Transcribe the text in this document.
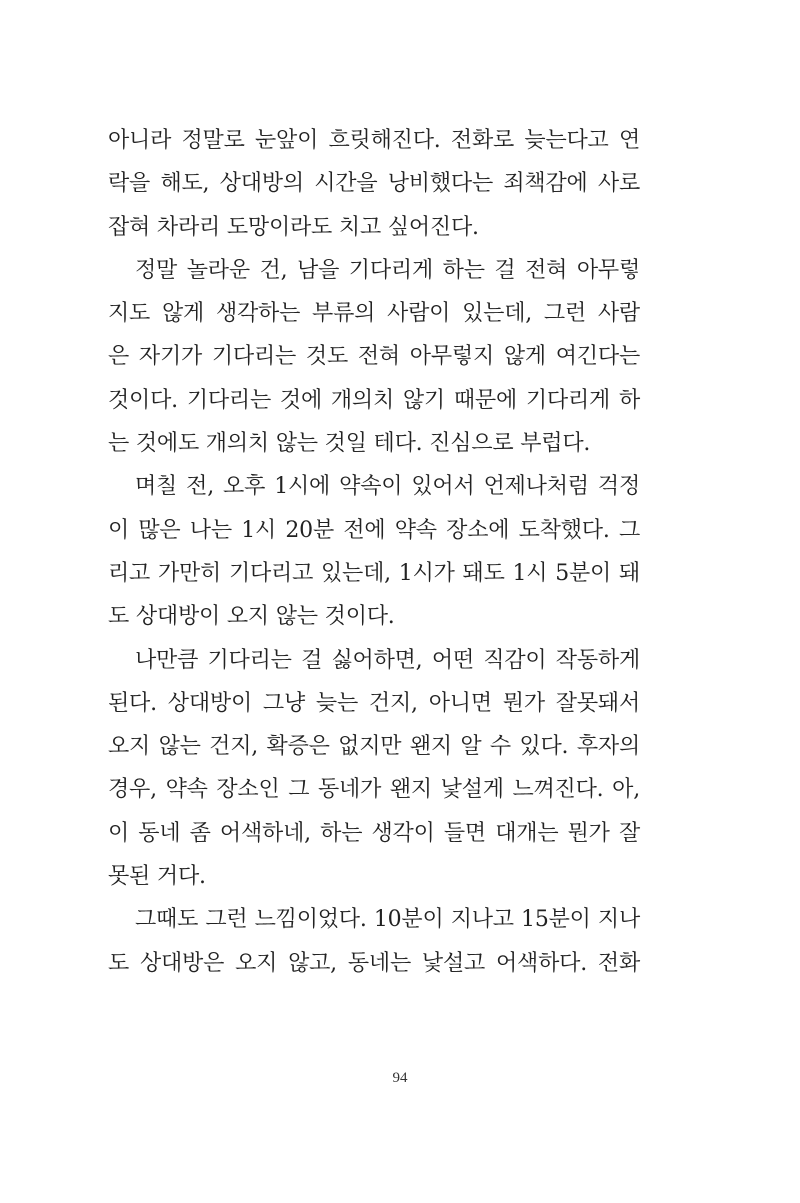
아니라 정말로 눈앞이 흐릿해진다. 전화로 늦는다고 연
락을 해도, 상대방의 시간을 낭비했다는 죄책감에 사로
잡혀 차라리 도망이라도 치고 싶어진다.
정말 놀라운 건, 남을 기다리게 하는 걸 전혀 아무렇
지도 않게 생각하는 부류의 사람이 있는데, 그런 사람
은 자기가 기다리는 것도 전혀 아무렇지 않게 여긴다는
것이다. 기다리는 것에 개의치 않기 때문에 기다리게 하
는 것에도 개의치 않는 것일 테다. 진심으로 부럽다.
며칠 전, 오후 1시에 약속이 있어서 언제나처럼 걱정
이 많은 나는 1시 20분 전에 약속 장소에 도착했다. 그
리고 가만히 기다리고 있는데, 1시가 돼도 1시 5분이 돼
도 상대방이 오지 않는 것이다.
나만큼 기다리는 걸 싫어하면, 어떤 직감이 작동하게
된다. 상대방이 그냥 늦는 건지, 아니면 뭔가 잘못돼서
오지 않는 건지, 확증은 없지만 왠지 알 수 있다. 후자의
경우, 약속 장소인 그 동네가 왠지 낯설게 느껴진다. 아,
이 동네 좀 어색하네, 하는 생각이 들면 대개는 뭔가 잘
못된 거다.
그때도 그런 느낌이었다. 10분이 지나고 15분이 지나
도 상대방은 오지 않고, 동네는 낯설고 어색하다. 전화
94
